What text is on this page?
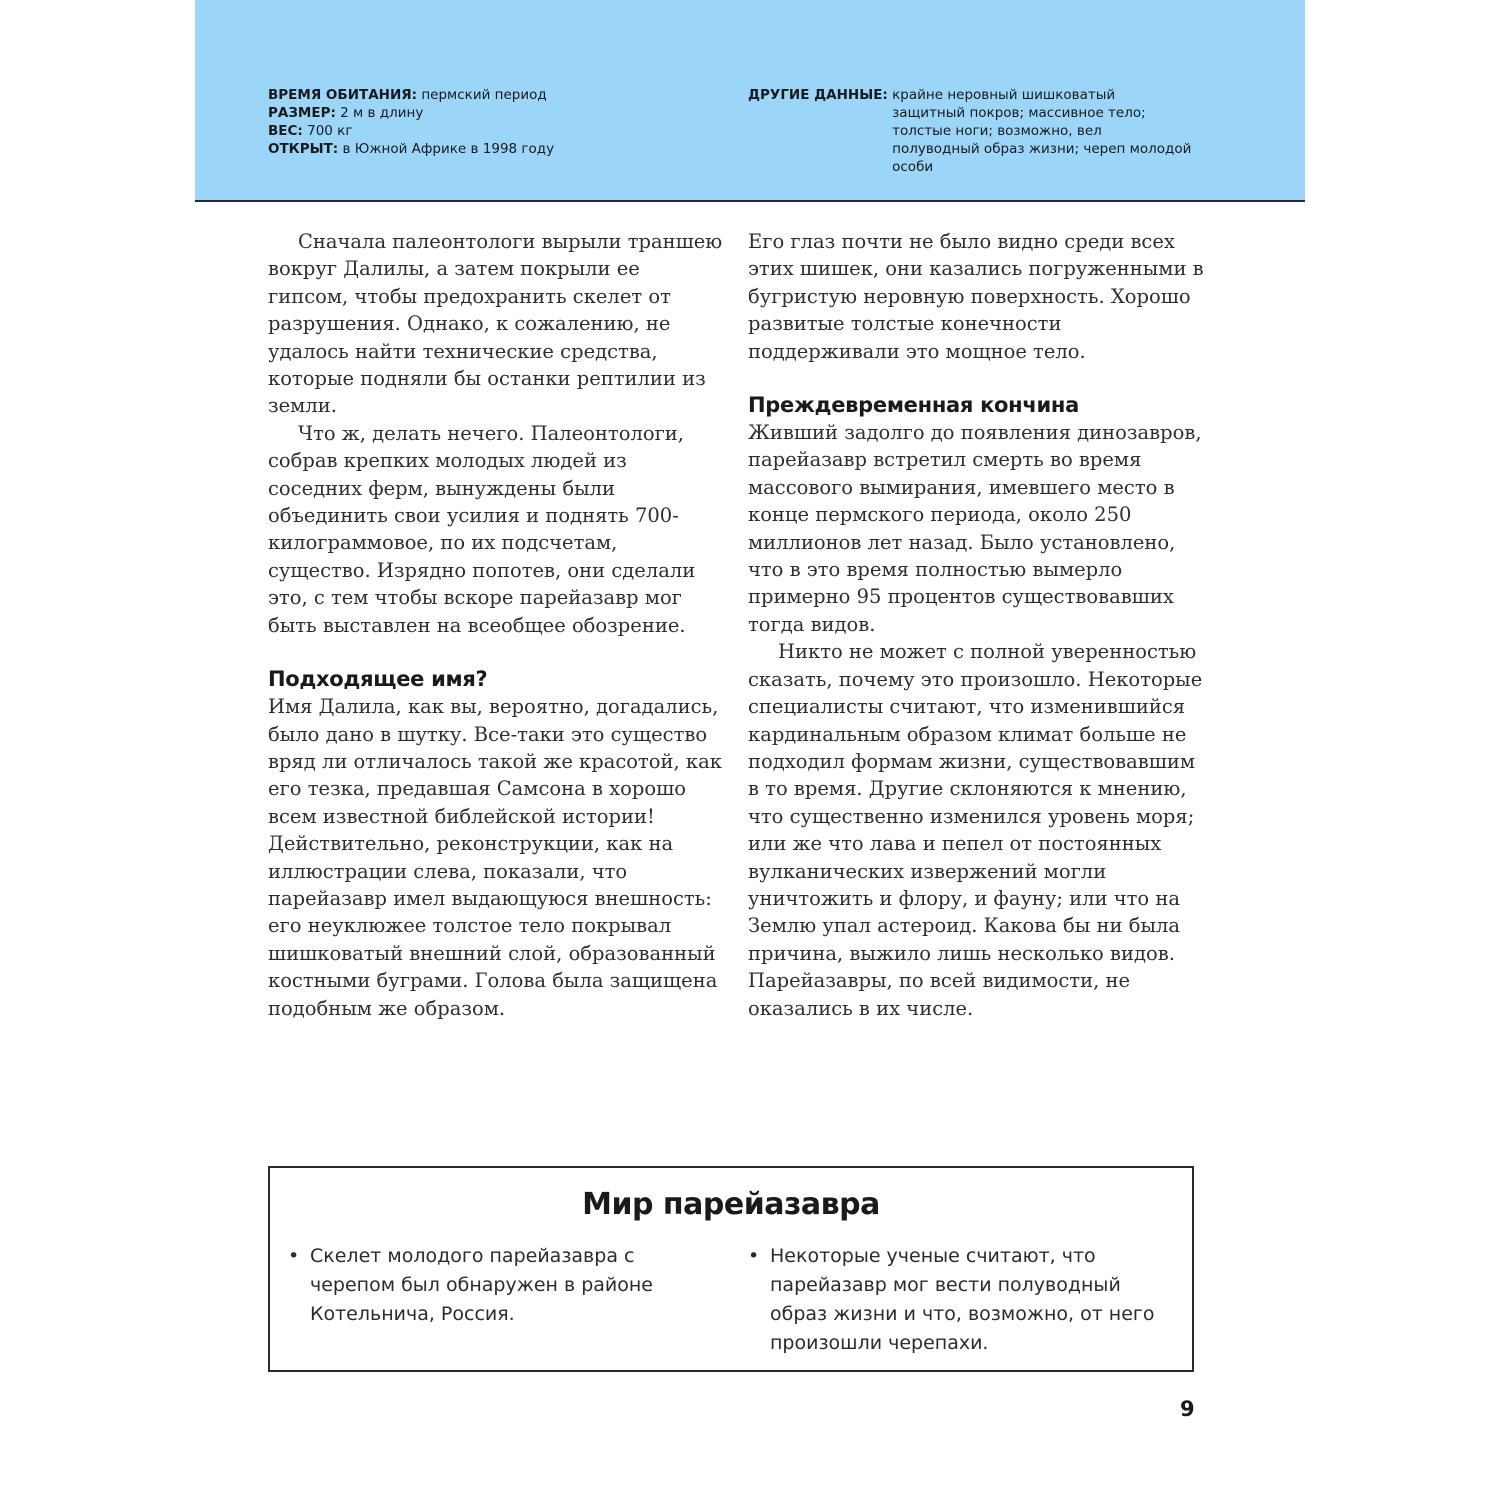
ВРЕМЯ ОБИТАНИЯ: пермский период
РАЗМЕР: 2 м в длину
ВЕС: 700 кг
ОТКРЫТ: в Южной Африке в 1998 году
ДРУГИЕ ДАННЫЕ:
крайне неровный шишковатый защитный покров; массивное тело; толстые ноги; возможно, вел полуводный образ жизни; череп молодой особи

Сначала палеонтологи вырыли траншею вокруг Далилы, а затем покрыли ее гипсом, чтобы предохранить скелет от разрушения. Однако, к сожалению, не удалось найти технические средства, которые подняли бы останки рептилии из земли.

Что ж, делать нечего. Палеонтологи, собрав крепких молодых людей из соседних ферм, вынуждены были объединить свои усилия и поднять 700-килограммовое, по их подсчетам, существо. Изрядно попотев, они сделали это, с тем чтобы вскоре парейазавр мог быть выставлен на всеобщее обозрение.

Подходящее имя?

Имя Далила, как вы, вероятно, догадались, было дано в шутку. Все-таки это существо вряд ли отличалось такой же красотой, как его тезка, предавшая Самсона в хорошо всем известной библейской истории! Действительно, реконструкции, как на иллюстрации слева, показали, что парейазавр имел выдающуюся внешность: его неуклюжее толстое тело покрывал шишковатый внешний слой, образованный костными буграми. Голова была защищена подобным же образом.

Его глаз почти не было видно среди всех этих шишек, они казались погруженными в бугристую неровную поверхность. Хорошо развитые толстые конечности поддерживали это мощное тело.

Преждевременная кончина

Живший задолго до появления динозавров, парейазавр встретил смерть во время массового вымирания, имевшего место в конце пермского периода, около 250 миллионов лет назад. Было установлено, что в это время полностью вымерло примерно 95 процентов существовавших тогда видов.

Никто не может с полной уверенностью сказать, почему это произошло. Некоторые специалисты считают, что изменившийся кардинальным образом климат больше не подходил формам жизни, существовавшим в то время. Другие склоняются к мнению, что существенно изменился уровень моря; или же что лава и пепел от постоянных вулканических извержений могли уничтожить и флору, и фауну; или что на Землю упал астероид. Какова бы ни была причина, выжило лишь несколько видов. Парейазавры, по всей видимости, не оказались в их числе.

Мир парейазавра
• Скелет молодого парейазавра с черепом был обнаружен в районе Котельнича, Россия.
• Некоторые ученые считают, что парейазавр мог вести полуводный образ жизни и что, возможно, от него произошли черепахи.
9
